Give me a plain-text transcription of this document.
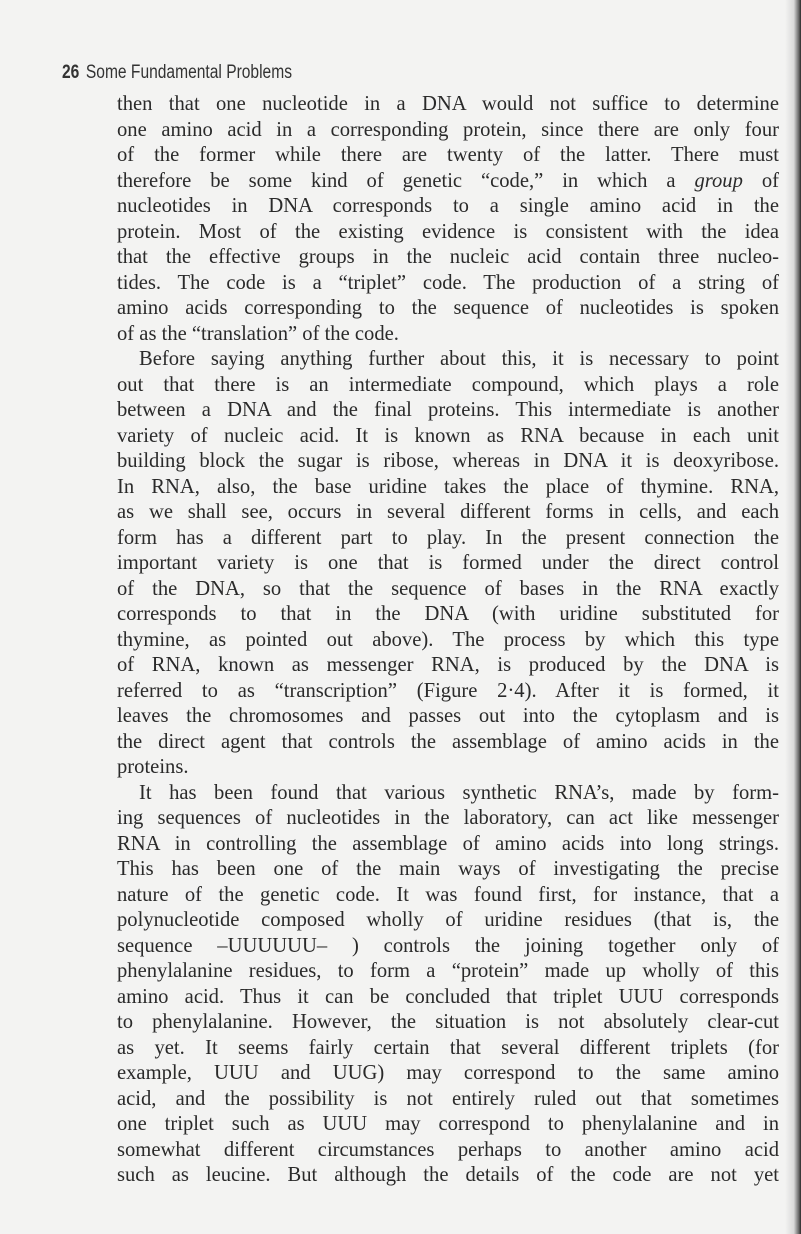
26 Some Fundamental Problems
then that one nucleotide in a DNA would not suffice to determine
one amino acid in a corresponding protein, since there are only four
of the former while there are twenty of the latter. There must
therefore be some kind of genetic “code,” in which a group of
nucleotides in DNA corresponds to a single amino acid in the
protein. Most of the existing evidence is consistent with the idea
that the effective groups in the nucleic acid contain three nucleo-
tides. The code is a “triplet” code. The production of a string of
amino acids corresponding to the sequence of nucleotides is spoken
of as the “translation” of the code.
Before saying anything further about this, it is necessary to point
out that there is an intermediate compound, which plays a role
between a DNA and the final proteins. This intermediate is another
variety of nucleic acid. It is known as RNA because in each unit
building block the sugar is ribose, whereas in DNA it is deoxyribose.
In RNA, also, the base uridine takes the place of thymine. RNA,
as we shall see, occurs in several different forms in cells, and each
form has a different part to play. In the present connection the
important variety is one that is formed under the direct control
of the DNA, so that the sequence of bases in the RNA exactly
corresponds to that in the DNA (with uridine substituted for
thymine, as pointed out above). The process by which this type
of RNA, known as messenger RNA, is produced by the DNA is
referred to as “transcription” (Figure 2·4). After it is formed, it
leaves the chromosomes and passes out into the cytoplasm and is
the direct agent that controls the assemblage of amino acids in the
proteins.
It has been found that various synthetic RNA’s, made by form-
ing sequences of nucleotides in the laboratory, can act like messenger
RNA in controlling the assemblage of amino acids into long strings.
This has been one of the main ways of investigating the precise
nature of the genetic code. It was found first, for instance, that a
polynucleotide composed wholly of uridine residues (that is, the
sequence –UUUUUU– ) controls the joining together only of
phenylalanine residues, to form a “protein” made up wholly of this
amino acid. Thus it can be concluded that triplet UUU corresponds
to phenylalanine. However, the situation is not absolutely clear-cut
as yet. It seems fairly certain that several different triplets (for
example, UUU and UUG) may correspond to the same amino
acid, and the possibility is not entirely ruled out that sometimes
one triplet such as UUU may correspond to phenylalanine and in
somewhat different circumstances perhaps to another amino acid
such as leucine. But although the details of the code are not yet
